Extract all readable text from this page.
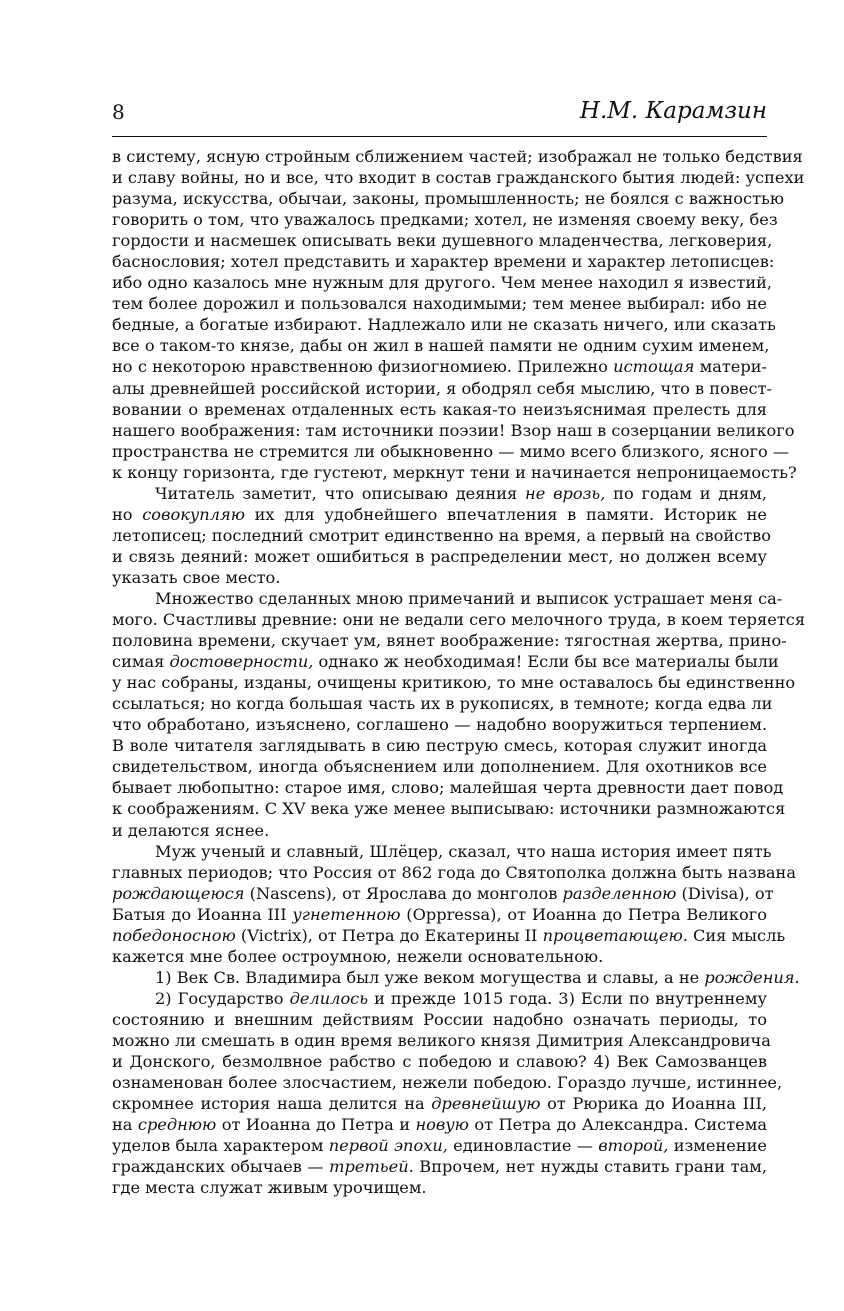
8	Н.М. Карамзин
в систему, ясную стройным сближением частей; изображал не только бедствия
и славу войны, но и все, что входит в состав гражданского бытия людей: успехи
разума, искусства, обычаи, законы, промышленность; не боялся с важностью
говорить о том, что уважалось предками; хотел, не изменяя своему веку, без
гордости и насмешек описывать веки душевного младенчества, легковерия,
баснословия; хотел представить и характер времени и характер летописцев:
ибо одно казалось мне нужным для другого. Чем менее находил я известий,
тем более дорожил и пользовался находимыми; тем менее выбирал: ибо не
бедные, а богатые избирают. Надлежало или не сказать ничего, или сказать
все о таком-то князе, дабы он жил в нашей памяти не одним сухим именем,
но с некоторою нравственною физиогномиею. Прилежно истощая матери-
алы древнейшей российской истории, я ободрял себя мыслию, что в повест-
вовании о временах отдаленных есть какая-то неизъяснимая прелесть для
нашего воображения: там источники поэзии! Взор наш в созерцании великого
пространства не стремится ли обыкновенно — мимо всего близкого, ясного —
к концу горизонта, где густеют, меркнут тени и начинается непроницаемость?
Читатель заметит, что описываю деяния не врозь, по годам и дням,
но совокупляю их для удобнейшего впечатления в памяти. Историк не
летописец; последний смотрит единственно на время, а первый на свойство
и связь деяний: может ошибиться в распределении мест, но должен всему
указать свое место.
Множество сделанных мною примечаний и выписок устрашает меня са-
мого. Счастливы древние: они не ведали сего мелочного труда, в коем теряется
половина времени, скучает ум, вянет воображение: тягостная жертва, прино-
симая достоверности, однако ж необходимая! Если бы все материалы были
у нас собраны, изданы, очищены критикою, то мне оставалось бы единственно
ссылаться; но когда большая часть их в рукописях, в темноте; когда едва ли
что обработано, изъяснено, соглашено — надобно вооружиться терпением.
В воле читателя заглядывать в сию пеструю смесь, которая служит иногда
свидетельством, иногда объяснением или дополнением. Для охотников все
бывает любопытно: старое имя, слово; малейшая черта древности дает повод
к соображениям. С XV века уже менее выписываю: источники размножаются
и делаются яснее.
Муж ученый и славный, Шлёцер, сказал, что наша история имеет пять
главных периодов; что Россия от 862 года до Святополка должна быть названа
рождающеюся (Nascens), от Ярослава до монголов разделенною (Divisa), от
Батыя до Иоанна III угнетенною (Oppressa), от Иоанна до Петра Великого
победоносною (Victrix), от Петра до Екатерины II процветающею. Сия мысль
кажется мне более остроумною, нежели основательною.
1) Век Св. Владимира был уже веком могущества и славы, а не рождения.
2) Государство делилось и прежде 1015 года. 3) Если по внутреннему
состоянию и внешним действиям России надобно означать периоды, то
можно ли смешать в один время великого князя Димитрия Александровича
и Донского, безмолвное рабство с победою и славою? 4) Век Самозванцев
ознаменован более злосчастием, нежели победою. Гораздо лучше, истиннее,
скромнее история наша делится на древнейшую от Рюрика до Иоанна III,
на среднюю от Иоанна до Петра и новую от Петра до Александра. Система
уделов была характером первой эпохи, единовластие — второй, изменение
гражданских обычаев — третьей. Впрочем, нет нужды ставить грани там,
где места служат живым урочищем.
